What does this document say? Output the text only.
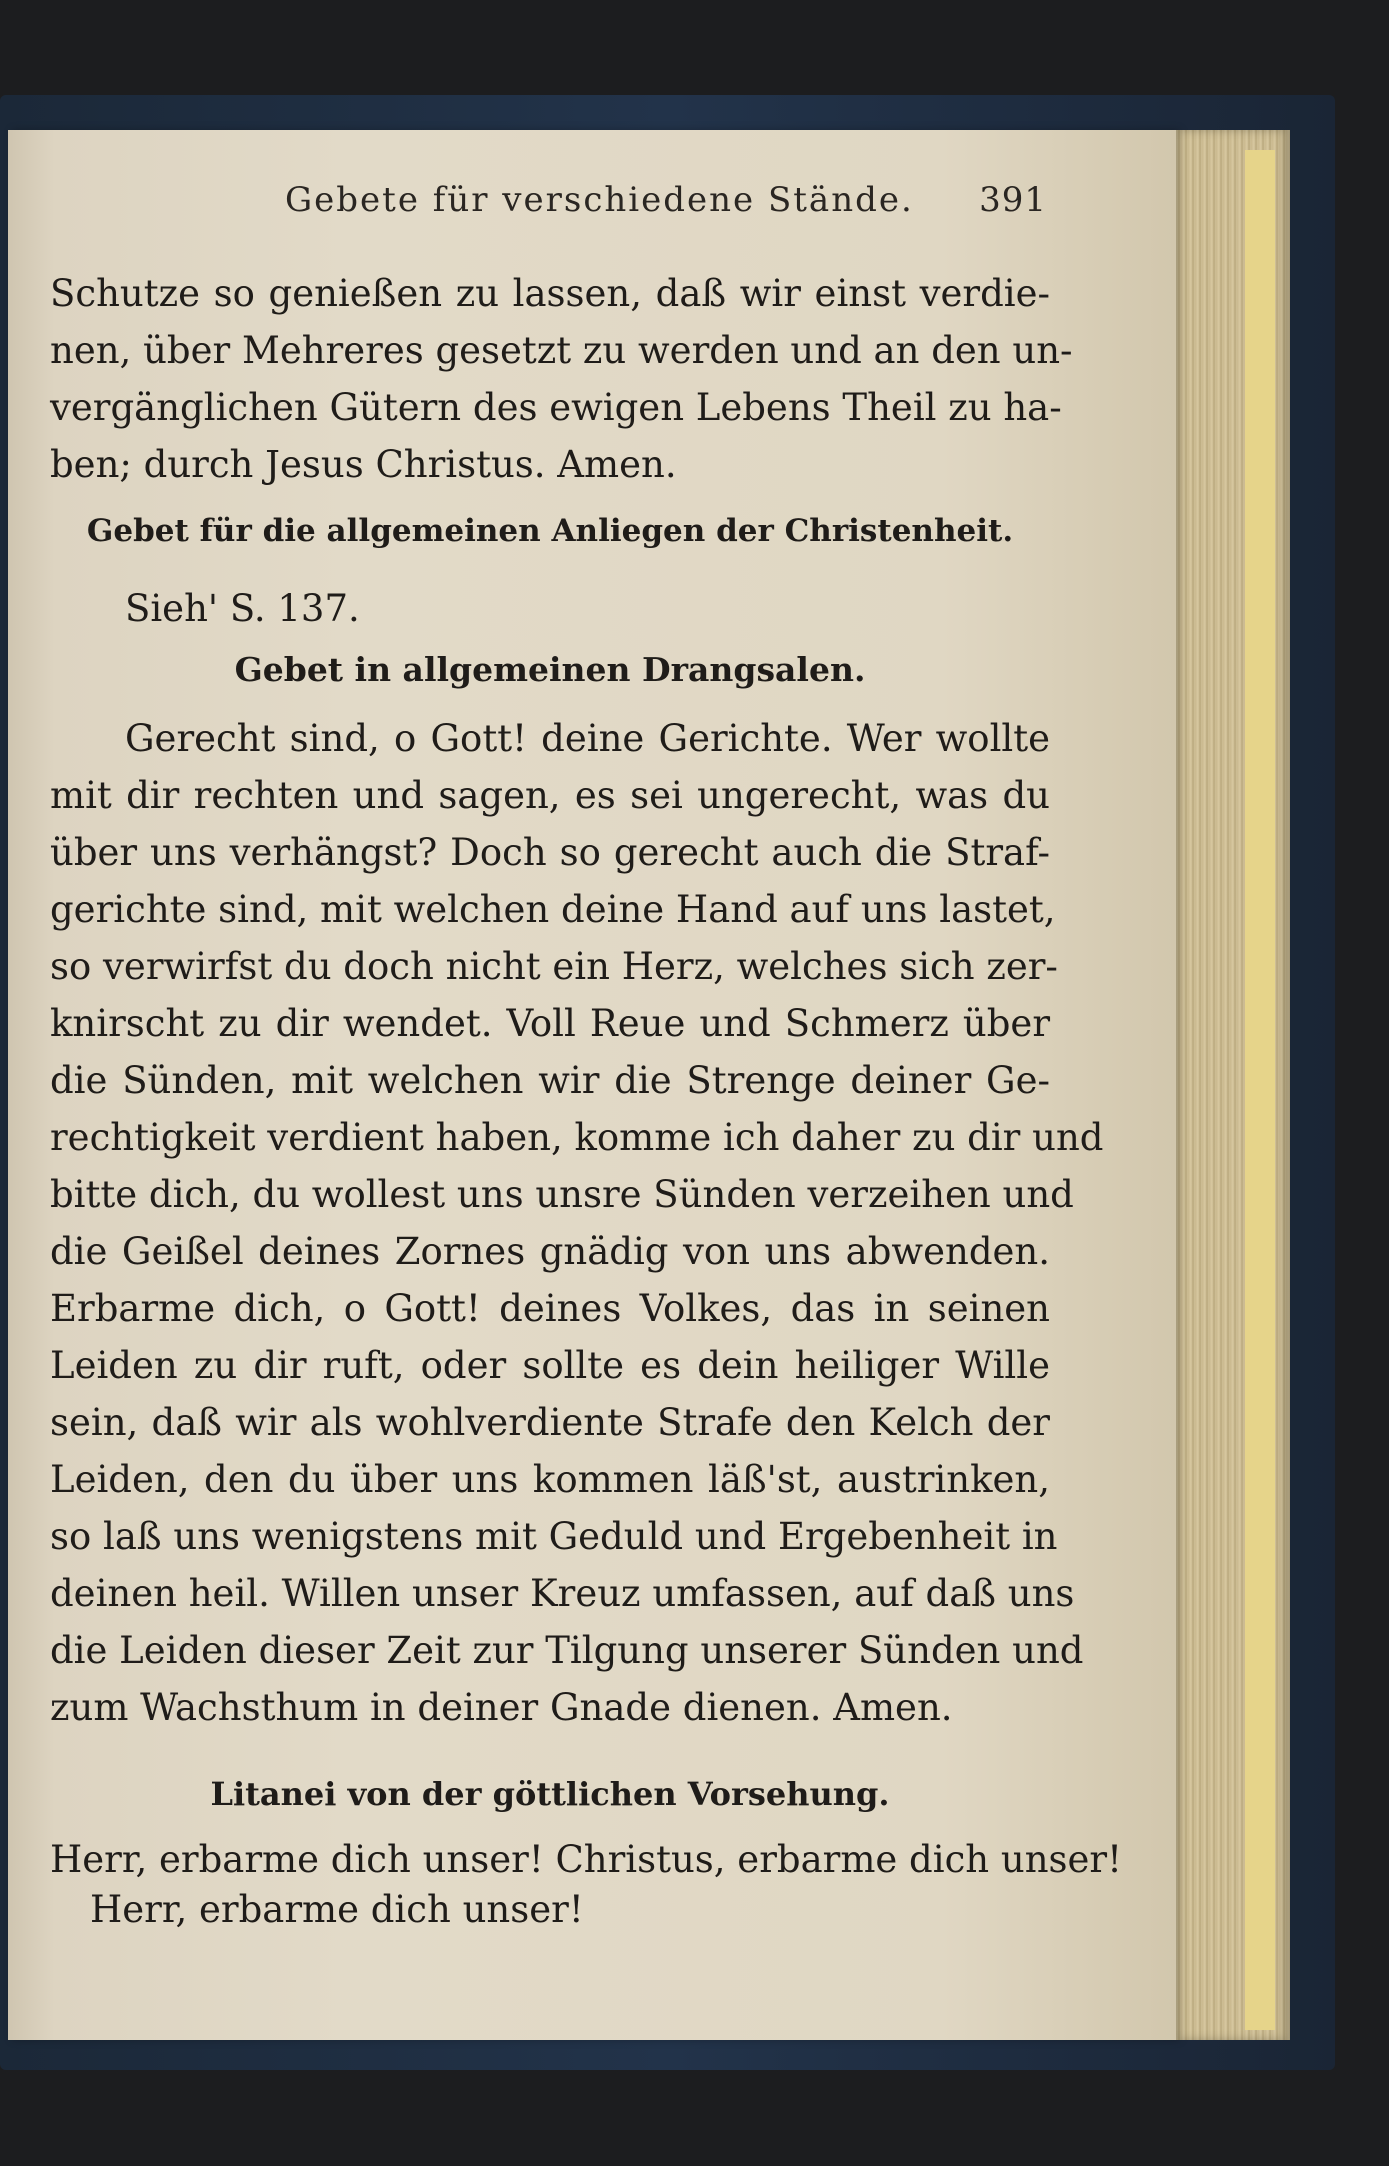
Gebete für verschiedene Stände. 391
Schutze so genießen zu lassen, daß wir einst verdie-
nen, über Mehreres gesetzt zu werden und an den un-
vergänglichen Gütern des ewigen Lebens Theil zu ha-
ben; durch Jesus Christus. Amen.
Gebet für die allgemeinen Anliegen der Christenheit.
Sieh' S. 137.
Gebet in allgemeinen Drangsalen.
Gerecht sind, o Gott! deine Gerichte. Wer wollte
mit dir rechten und sagen, es sei ungerecht, was du
über uns verhängst? Doch so gerecht auch die Straf-
gerichte sind, mit welchen deine Hand auf uns lastet,
so verwirfst du doch nicht ein Herz, welches sich zer-
knirscht zu dir wendet. Voll Reue und Schmerz über
die Sünden, mit welchen wir die Strenge deiner Ge-
rechtigkeit verdient haben, komme ich daher zu dir und
bitte dich, du wollest uns unsre Sünden verzeihen und
die Geißel deines Zornes gnädig von uns abwenden.
Erbarme dich, o Gott! deines Volkes, das in seinen
Leiden zu dir ruft, oder sollte es dein heiliger Wille
sein, daß wir als wohlverdiente Strafe den Kelch der
Leiden, den du über uns kommen läß'st, austrinken,
so laß uns wenigstens mit Geduld und Ergebenheit in
deinen heil. Willen unser Kreuz umfassen, auf daß uns
die Leiden dieser Zeit zur Tilgung unserer Sünden und
zum Wachsthum in deiner Gnade dienen. Amen.
Litanei von der göttlichen Vorsehung.
Herr, erbarme dich unser! Christus, erbarme dich unser!
Herr, erbarme dich unser!
